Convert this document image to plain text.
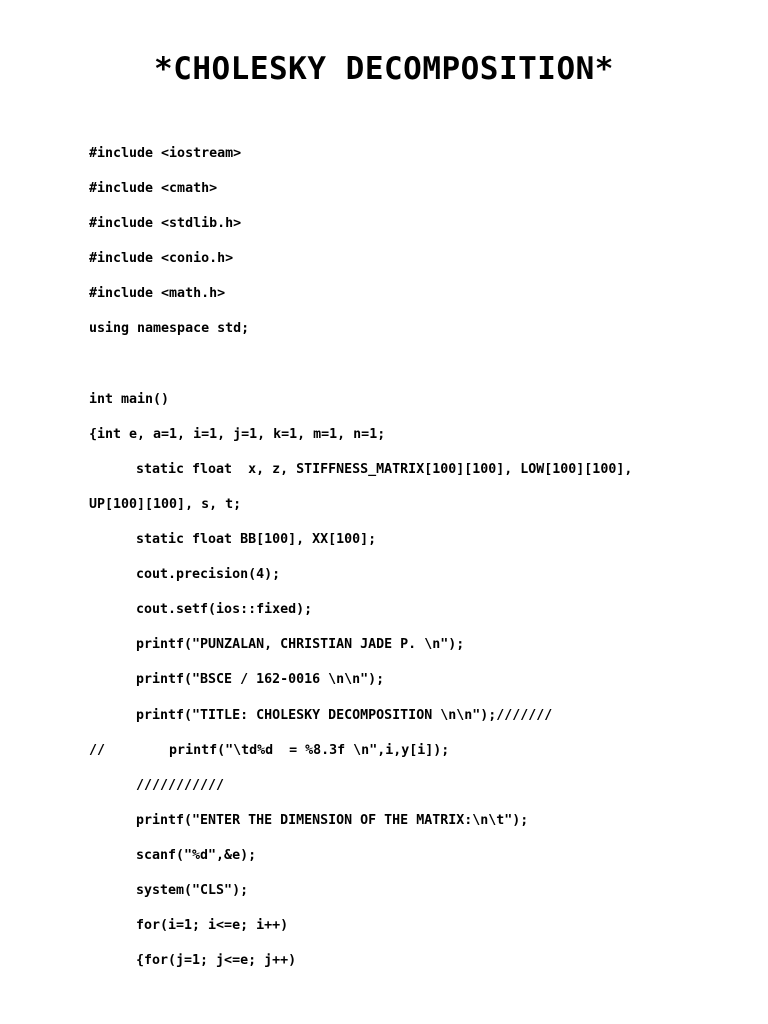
*CHOLESKY DECOMPOSITION*
#include <iostream>
#include <cmath>
#include <stdlib.h>
#include <conio.h>
#include <math.h>
using namespace std;
int main()
{int e, a=1, i=1, j=1, k=1, m=1, n=1;
static float  x, z, STIFFNESS_MATRIX[100][100], LOW[100][100],
UP[100][100], s, t;
static float BB[100], XX[100];
cout.precision(4);
cout.setf(ios::fixed);
printf("PUNZALAN, CHRISTIAN JADE P. \n");
printf("BSCE / 162-0016 \n\n");
printf("TITLE: CHOLESKY DECOMPOSITION \n\n");///////
//        printf("\td%d  = %8.3f \n",i,y[i]);
///////////
printf("ENTER THE DIMENSION OF THE MATRIX:\n\t");
scanf("%d",&e);
system("CLS");
for(i=1; i<=e; i++)
{for(j=1; j<=e; j++)
